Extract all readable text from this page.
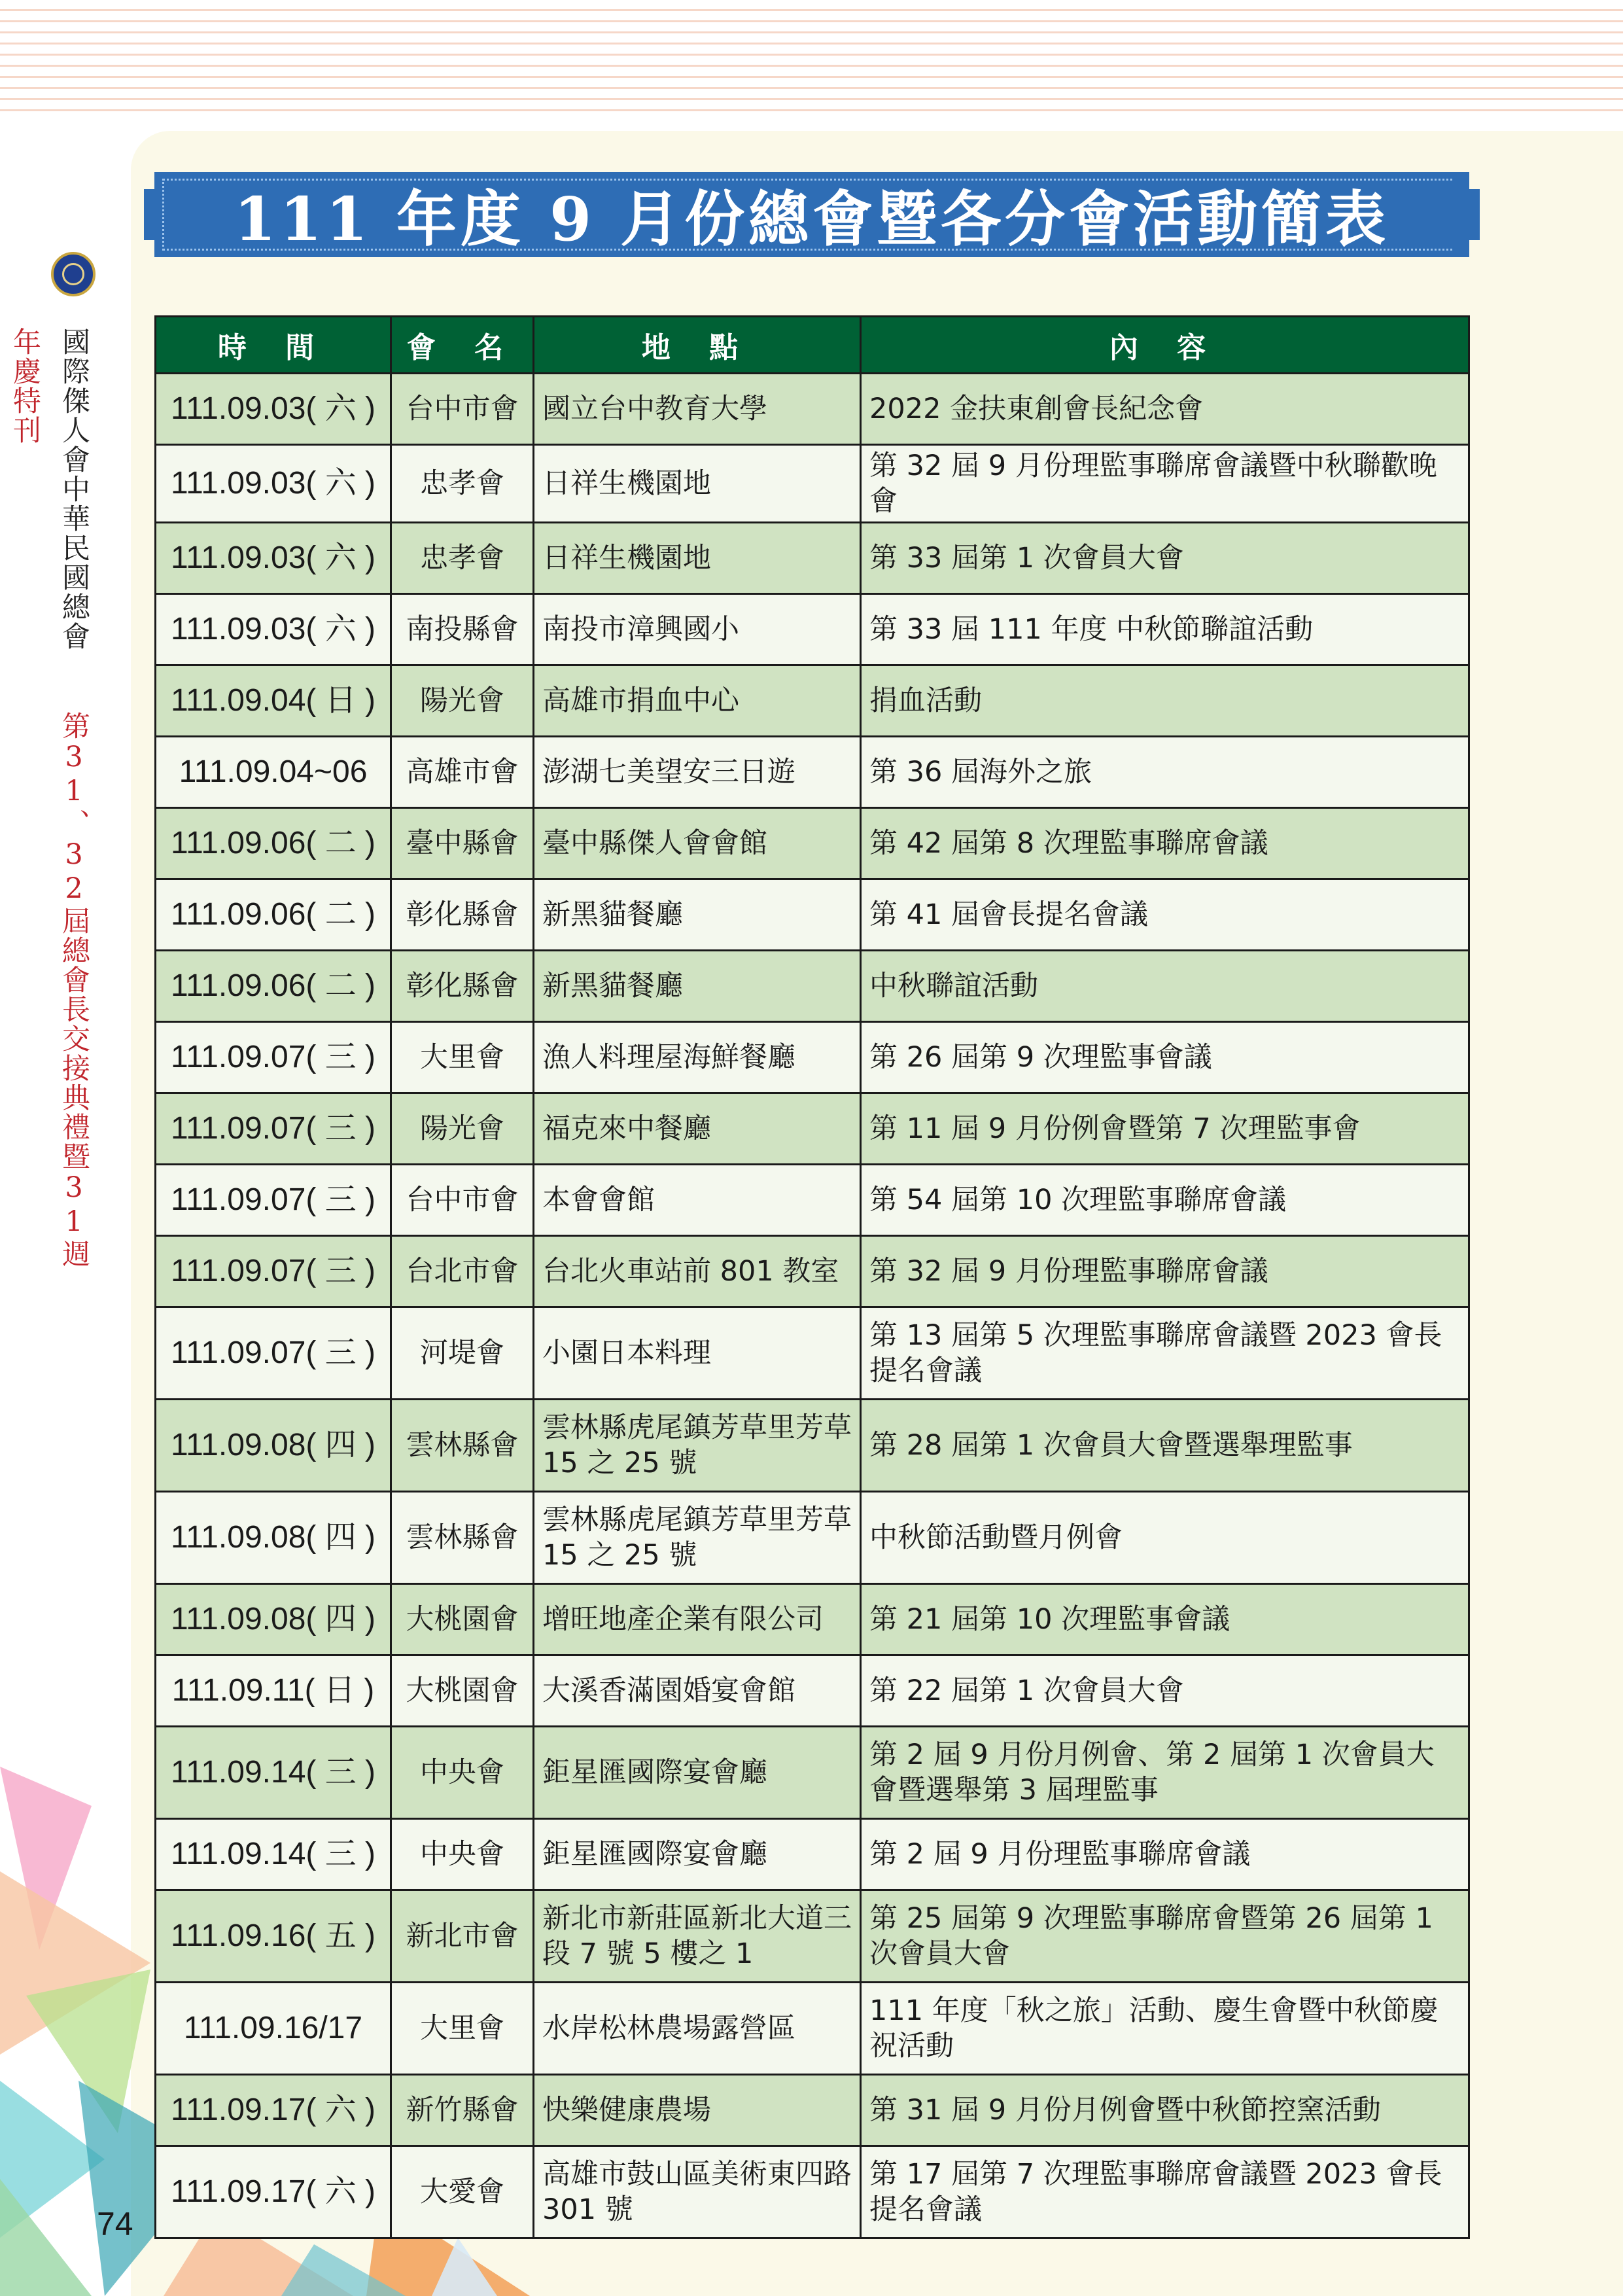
國際傑人會中華民國總會 第31、32屆總會長交接典禮暨31週年慶特刊
111 年度 9 月份總會暨各分會活動簡表
時 間	會 名	地 點	內 容
111.09.03( 六 )	台中市會	國立台中教育大學	2022 金扶東創會長紀念會
111.09.03( 六 )	忠孝會	日祥生機園地	第 32 屆 9 月份理監事聯席會議暨中秋聯歡晚會
111.09.03( 六 )	忠孝會	日祥生機園地	第 33 屆第 1 次會員大會
111.09.03( 六 )	南投縣會	南投市漳興國小	第 33 屆 111 年度 中秋節聯誼活動
111.09.04( 日 )	陽光會	高雄市捐血中心	捐血活動
111.09.04~06	高雄市會	澎湖七美望安三日遊	第 36 屆海外之旅
111.09.06( 二 )	臺中縣會	臺中縣傑人會會館	第 42 屆第 8 次理監事聯席會議
111.09.06( 二 )	彰化縣會	新黑貓餐廳	第 41 屆會長提名會議
111.09.06( 二 )	彰化縣會	新黑貓餐廳	中秋聯誼活動
111.09.07( 三 )	大里會	漁人料理屋海鮮餐廳	第 26 屆第 9 次理監事會議
111.09.07( 三 )	陽光會	福克來中餐廳	第 11 屆 9 月份例會暨第 7 次理監事會
111.09.07( 三 )	台中市會	本會會館	第 54 屆第 10 次理監事聯席會議
111.09.07( 三 )	台北市會	台北火車站前 801 教室	第 32 屆 9 月份理監事聯席會議
111.09.07( 三 )	河堤會	小園日本料理	第 13 屆第 5 次理監事聯席會議暨 2023 會長提名會議
111.09.08( 四 )	雲林縣會	雲林縣虎尾鎮芳草里芳草 15 之 25 號	第 28 屆第 1 次會員大會暨選舉理監事
111.09.08( 四 )	雲林縣會	雲林縣虎尾鎮芳草里芳草 15 之 25 號	中秋節活動暨月例會
111.09.08( 四 )	大桃園會	增旺地產企業有限公司	第 21 屆第 10 次理監事會議
111.09.11( 日 )	大桃園會	大溪香滿園婚宴會館	第 22 屆第 1 次會員大會
111.09.14( 三 )	中央會	鉅星匯國際宴會廳	第 2 屆 9 月份月例會、第 2 屆第 1 次會員大會暨選舉第 3 屆理監事
111.09.14( 三 )	中央會	鉅星匯國際宴會廳	第 2 屆 9 月份理監事聯席會議
111.09.16( 五 )	新北市會	新北市新莊區新北大道三段 7 號 5 樓之 1	第 25 屆第 9 次理監事聯席會暨第 26 屆第 1 次會員大會
111.09.16/17	大里會	水岸松林農場露營區	111 年度「秋之旅」活動、慶生會暨中秋節慶祝活動
111.09.17( 六 )	新竹縣會	快樂健康農場	第 31 屆 9 月份月例會暨中秋節控窯活動
111.09.17( 六 )	大愛會	高雄市鼓山區美術東四路 301 號	第 17 屆第 7 次理監事聯席會議暨 2023 會長提名會議
74
